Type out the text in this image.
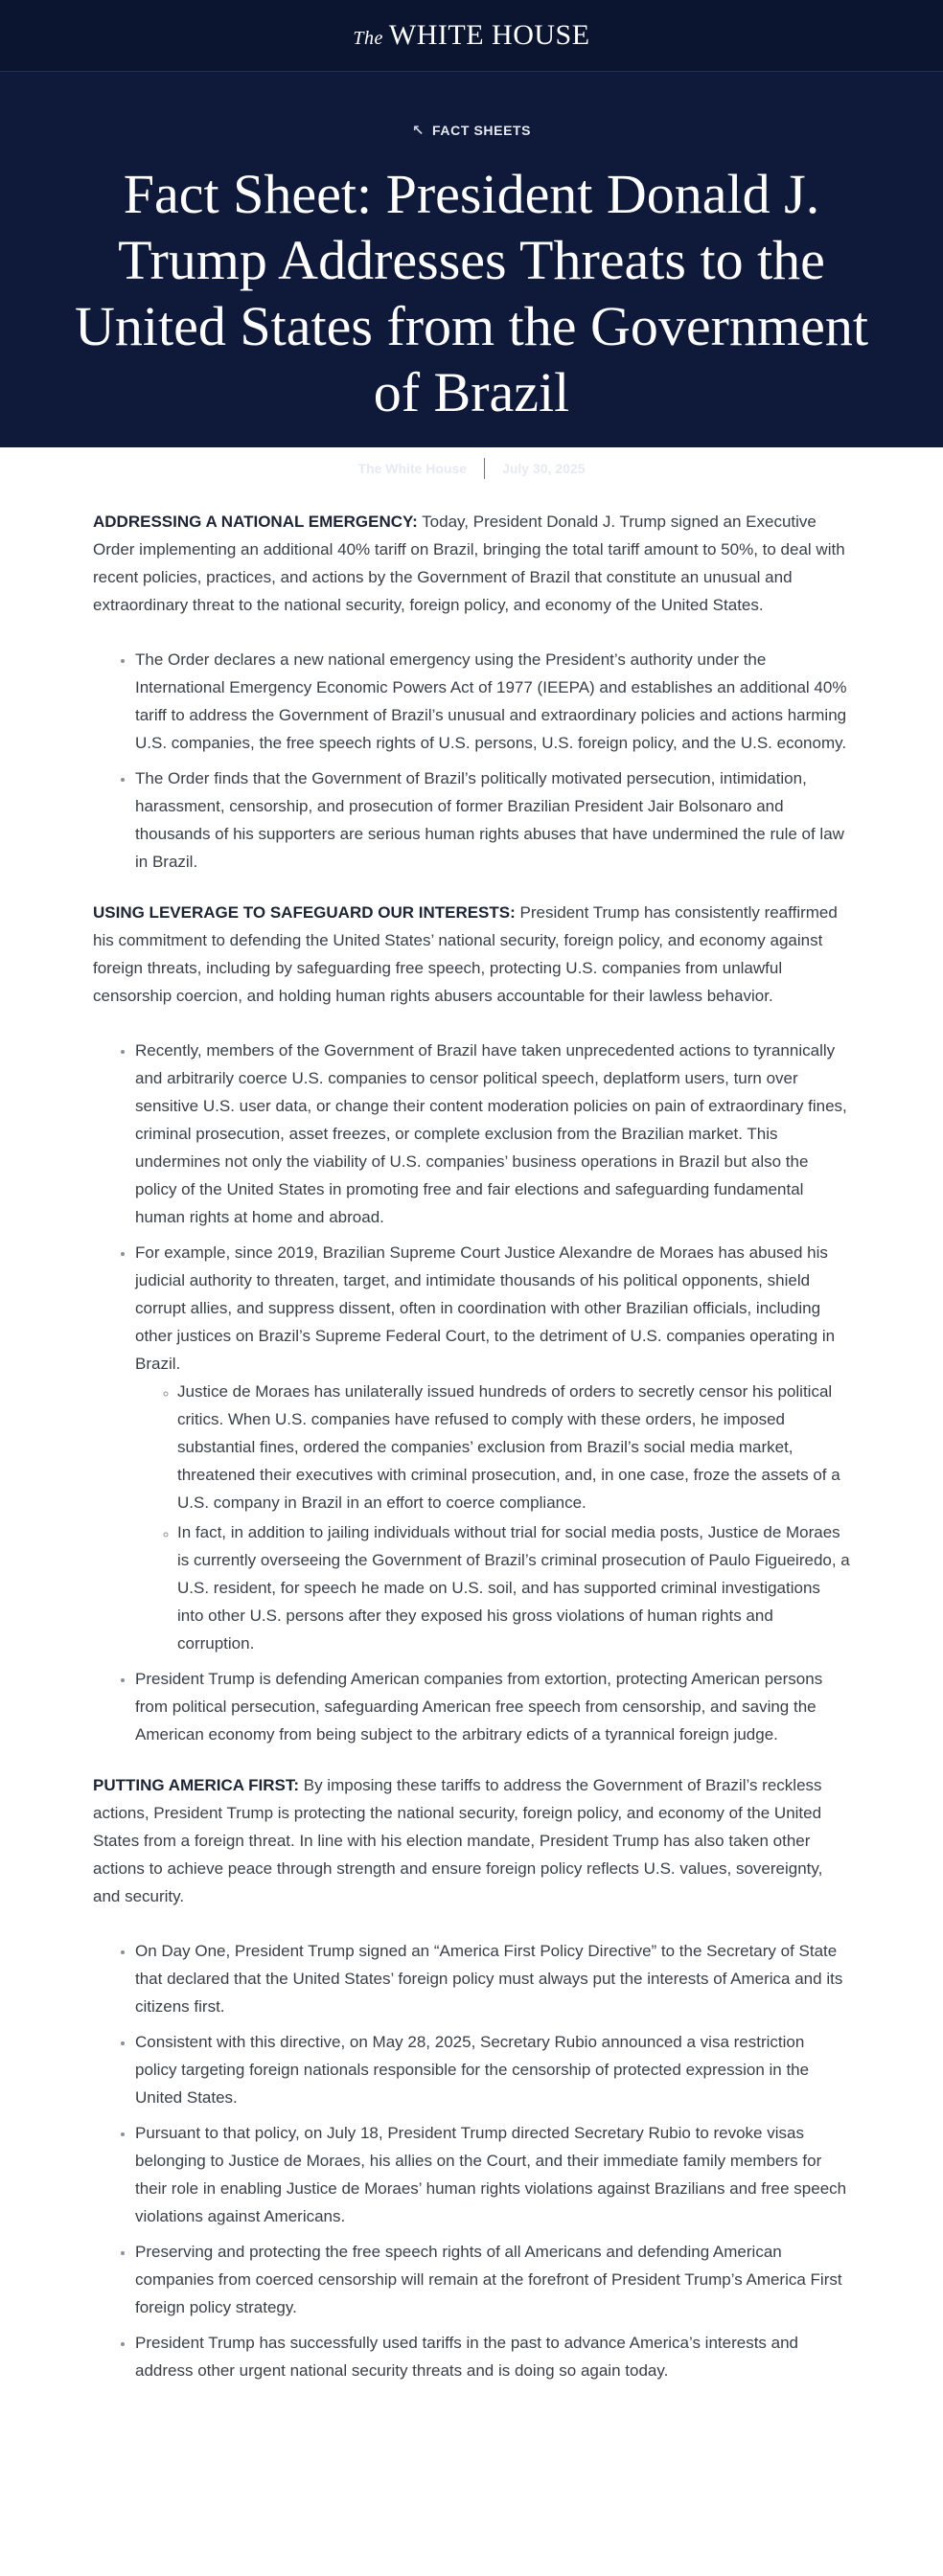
The WHITE HOUSE
↖ FACT SHEETS
Fact Sheet: President Donald J. Trump Addresses Threats to the United States from the Government of Brazil
The White House	July 30, 2025

ADDRESSING A NATIONAL EMERGENCY: Today, President Donald J. Trump signed an Executive Order implementing an additional 40% tariff on Brazil, bringing the total tariff amount to 50%, to deal with recent policies, practices, and actions by the Government of Brazil that constitute an unusual and extraordinary threat to the national security, foreign policy, and economy of the United States.

• The Order declares a new national emergency using the President’s authority under the International Emergency Economic Powers Act of 1977 (IEEPA) and establishes an additional 40% tariff to address the Government of Brazil’s unusual and extraordinary policies and actions harming U.S. companies, the free speech rights of U.S. persons, U.S. foreign policy, and the U.S. economy.
• The Order finds that the Government of Brazil’s politically motivated persecution, intimidation, harassment, censorship, and prosecution of former Brazilian President Jair Bolsonaro and thousands of his supporters are serious human rights abuses that have undermined the rule of law in Brazil.

USING LEVERAGE TO SAFEGUARD OUR INTERESTS: President Trump has consistently reaffirmed his commitment to defending the United States’ national security, foreign policy, and economy against foreign threats, including by safeguarding free speech, protecting U.S. companies from unlawful censorship coercion, and holding human rights abusers accountable for their lawless behavior.

• Recently, members of the Government of Brazil have taken unprecedented actions to tyrannically and arbitrarily coerce U.S. companies to censor political speech, deplatform users, turn over sensitive U.S. user data, or change their content moderation policies on pain of extraordinary fines, criminal prosecution, asset freezes, or complete exclusion from the Brazilian market. This undermines not only the viability of U.S. companies’ business operations in Brazil but also the policy of the United States in promoting free and fair elections and safeguarding fundamental human rights at home and abroad.
• For example, since 2019, Brazilian Supreme Court Justice Alexandre de Moraes has abused his judicial authority to threaten, target, and intimidate thousands of his political opponents, shield corrupt allies, and suppress dissent, often in coordination with other Brazilian officials, including other justices on Brazil’s Supreme Federal Court, to the detriment of U.S. companies operating in Brazil.
◦ Justice de Moraes has unilaterally issued hundreds of orders to secretly censor his political critics. When U.S. companies have refused to comply with these orders, he imposed substantial fines, ordered the companies’ exclusion from Brazil’s social media market, threatened their executives with criminal prosecution, and, in one case, froze the assets of a U.S. company in Brazil in an effort to coerce compliance.
◦ In fact, in addition to jailing individuals without trial for social media posts, Justice de Moraes is currently overseeing the Government of Brazil’s criminal prosecution of Paulo Figueiredo, a U.S. resident, for speech he made on U.S. soil, and has supported criminal investigations into other U.S. persons after they exposed his gross violations of human rights and corruption.
• President Trump is defending American companies from extortion, protecting American persons from political persecution, safeguarding American free speech from censorship, and saving the American economy from being subject to the arbitrary edicts of a tyrannical foreign judge.

PUTTING AMERICA FIRST: By imposing these tariffs to address the Government of Brazil’s reckless actions, President Trump is protecting the national security, foreign policy, and economy of the United States from a foreign threat. In line with his election mandate, President Trump has also taken other actions to achieve peace through strength and ensure foreign policy reflects U.S. values, sovereignty, and security.

• On Day One, President Trump signed an “America First Policy Directive” to the Secretary of State that declared that the United States’ foreign policy must always put the interests of America and its citizens first.
• Consistent with this directive, on May 28, 2025, Secretary Rubio announced a visa restriction policy targeting foreign nationals responsible for the censorship of protected expression in the United States.
• Pursuant to that policy, on July 18, President Trump directed Secretary Rubio to revoke visas belonging to Justice de Moraes, his allies on the Court, and their immediate family members for their role in enabling Justice de Moraes’ human rights violations against Brazilians and free speech violations against Americans.
• Preserving and protecting the free speech rights of all Americans and defending American companies from coerced censorship will remain at the forefront of President Trump’s America First foreign policy strategy.
• President Trump has successfully used tariffs in the past to advance America’s interests and address other urgent national security threats and is doing so again today.
